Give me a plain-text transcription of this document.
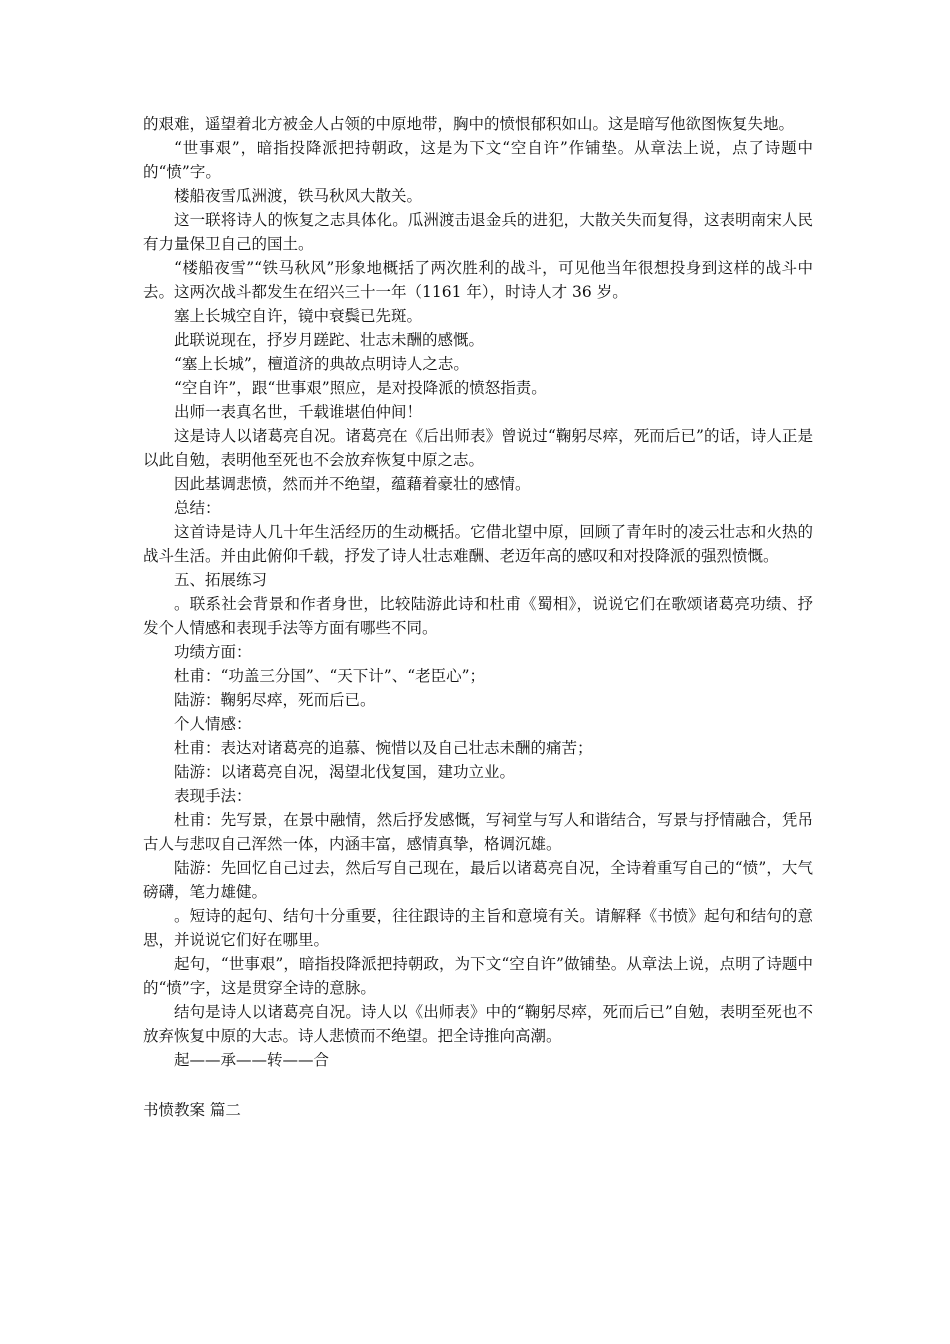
的艰难，遥望着北方被金人占领的中原地带，胸中的愤恨郁积如山。这是暗写他欲图恢复失地。

“世事艰”，暗指投降派把持朝政，这是为下文“空自许”作铺垫。从章法上说，点了诗题中的“愤”字。

楼船夜雪瓜洲渡，铁马秋风大散关。

这一联将诗人的恢复之志具体化。瓜洲渡击退金兵的进犯，大散关失而复得，这表明南宋人民有力量保卫自己的国土。

“楼船夜雪”“铁马秋风”形象地概括了两次胜利的战斗，可见他当年很想投身到这样的战斗中去。这两次战斗都发生在绍兴三十一年（1161 年），时诗人才 36 岁。

塞上长城空自许，镜中衰鬓已先斑。

此联说现在，抒岁月蹉跎、壮志未酬的感慨。

“塞上长城”，檀道济的典故点明诗人之志。

“空自许”，跟“世事艰”照应，是对投降派的愤怒指责。

出师一表真名世，千载谁堪伯仲间！

这是诗人以诸葛亮自况。诸葛亮在《后出师表》曾说过“鞠躬尽瘁，死而后已”的话，诗人正是以此自勉，表明他至死也不会放弃恢复中原之志。

因此基调悲愤，然而并不绝望，蕴藉着豪壮的感情。

总结：

这首诗是诗人几十年生活经历的生动概括。它借北望中原，回顾了青年时的凌云壮志和火热的战斗生活。并由此俯仰千载，抒发了诗人壮志难酬、老迈年高的感叹和对投降派的强烈愤慨。

五、拓展练习

。联系社会背景和作者身世，比较陆游此诗和杜甫《蜀相》，说说它们在歌颂诸葛亮功绩、抒发个人情感和表现手法等方面有哪些不同。

功绩方面：

杜甫：“功盖三分国”、“天下计”、“老臣心”；

陆游：鞠躬尽瘁，死而后已。

个人情感：

杜甫：表达对诸葛亮的追慕、惋惜以及自己壮志未酬的痛苦；

陆游：以诸葛亮自况，渴望北伐复国，建功立业。

表现手法：

杜甫：先写景，在景中融情，然后抒发感慨，写祠堂与写人和谐结合，写景与抒情融合，凭吊古人与悲叹自己浑然一体，内涵丰富，感情真挚，格调沉雄。

陆游：先回忆自己过去，然后写自己现在，最后以诸葛亮自况，全诗着重写自己的“愤”，大气磅礴，笔力雄健。

。短诗的起句、结句十分重要，往往跟诗的主旨和意境有关。请解释《书愤》起句和结句的意思，并说说它们好在哪里。

起句，“世事艰”，暗指投降派把持朝政，为下文“空自许”做铺垫。从章法上说，点明了诗题中的“愤”字，这是贯穿全诗的意脉。

结句是诗人以诸葛亮自况。诗人以《出师表》中的“鞠躬尽瘁，死而后已”自勉，表明至死也不放弃恢复中原的大志。诗人悲愤而不绝望。把全诗推向高潮。

起——承——转——合

书愤教案 篇二
